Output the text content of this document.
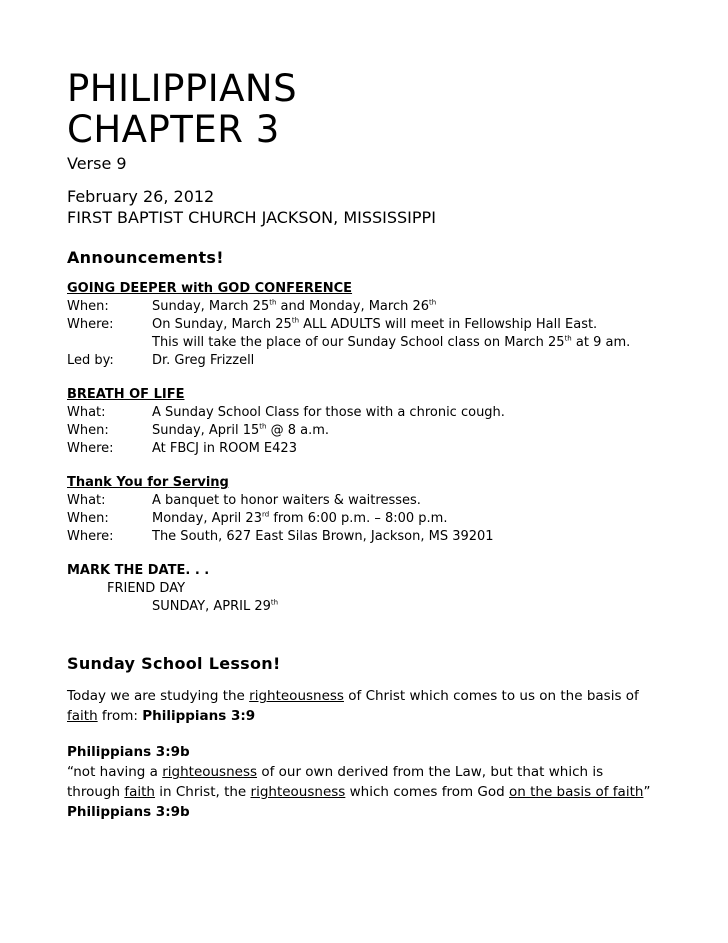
PHILIPPIANS
CHAPTER 3
Verse 9
February 26, 2012
FIRST BAPTIST CHURCH JACKSON, MISSISSIPPI
Announcements!
GOING DEEPER with GOD CONFERENCE
When:	Sunday, March 25th and Monday, March 26th
Where:	On Sunday, March 25th ALL ADULTS will meet in Fellowship Hall East.
This will take the place of our Sunday School class on March 25th at 9 am.
Led by:	Dr. Greg Frizzell
BREATH OF LIFE
What:	A Sunday School Class for those with a chronic cough.
When:	Sunday, April 15th @ 8 a.m.
Where:	At FBCJ in ROOM E423
Thank You for Serving
What:	A banquet to honor waiters & waitresses.
When:	Monday, April 23rd from 6:00 p.m. – 8:00 p.m.
Where:	The South, 627 East Silas Brown, Jackson, MS 39201
MARK THE DATE. . .
FRIEND DAY
SUNDAY, APRIL 29th
Sunday School Lesson!
Today we are studying the righteousness of Christ which comes to us on the basis of
faith from: Philippians 3:9
Philippians 3:9b
“not having a righteousness of our own derived from the Law, but that which is
through faith in Christ, the righteousness which comes from God on the basis of faith”
Philippians 3:9b
